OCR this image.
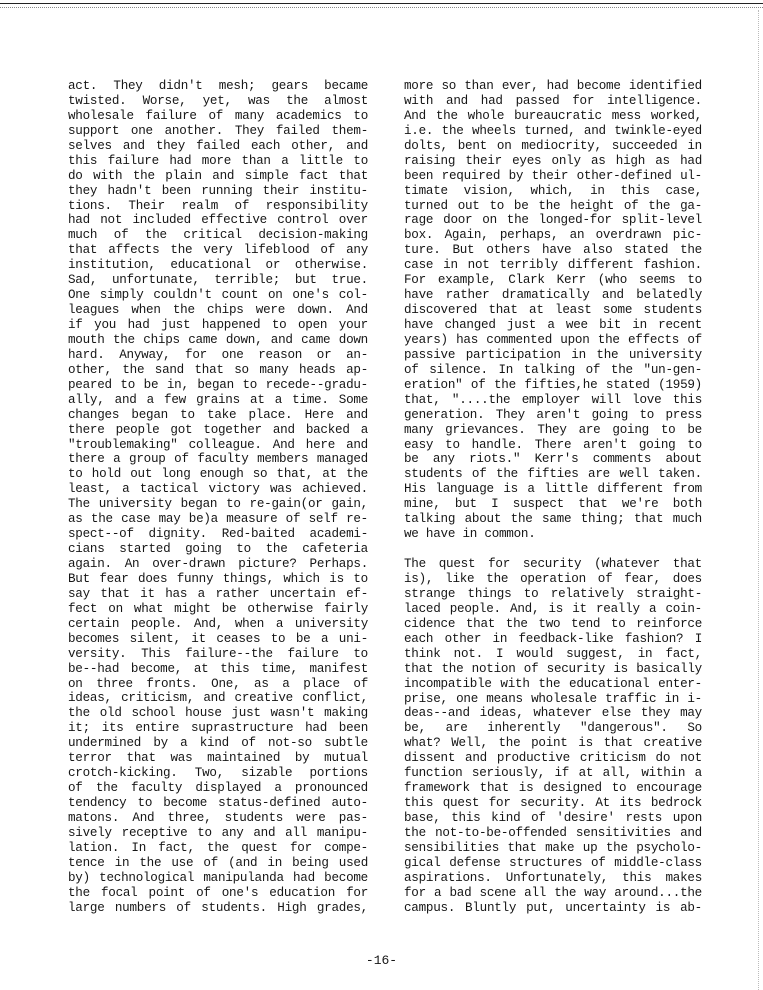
act. They didn't mesh; gears became
twisted. Worse, yet, was the almost
wholesale failure of many academics to
support one another. They failed them-
selves and they failed each other, and
this failure had more than a little to
do with the plain and simple fact that
they hadn't been running their institu-
tions. Their realm of responsibility
had not included effective control over
much of the critical decision-making
that affects the very lifeblood of any
institution, educational or otherwise.
Sad, unfortunate, terrible; but true.
One simply couldn't count on one's col-
leagues when the chips were down. And
if you had just happened to open your
mouth the chips came down, and came down
hard. Anyway, for one reason or an-
other, the sand that so many heads ap-
peared to be in, began to recede--gradu-
ally, and a few grains at a time. Some
changes began to take place. Here and
there people got together and backed a
"troublemaking" colleague. And here and
there a group of faculty members managed
to hold out long enough so that, at the
least, a tactical victory was achieved.
The university began to re-gain(or gain,
as the case may be)a measure of self re-
spect--of dignity. Red-baited academi-
cians started going to the cafeteria
again. An over-drawn picture? Perhaps.
But fear does funny things, which is to
say that it has a rather uncertain ef-
fect on what might be otherwise fairly
certain people. And, when a university
becomes silent, it ceases to be a uni-
versity. This failure--the failure to
be--had become, at this time, manifest
on three fronts. One, as a place of
ideas, criticism, and creative conflict,
the old school house just wasn't making
it; its entire suprastructure had been
undermined by a kind of not-so subtle
terror that was maintained by mutual
crotch-kicking. Two, sizable portions
of the faculty displayed a pronounced
tendency to become status-defined auto-
matons. And three, students were pas-
sively receptive to any and all manipu-
lation. In fact, the quest for compe-
tence in the use of (and in being used
by) technological manipulanda had become
the focal point of one's education for
large numbers of students. High grades,
more so than ever, had become identified
with and had passed for intelligence.
And the whole bureaucratic mess worked,
i.e. the wheels turned, and twinkle-eyed
dolts, bent on mediocrity, succeeded in
raising their eyes only as high as had
been required by their other-defined ul-
timate vision, which, in this case,
turned out to be the height of the ga-
rage door on the longed-for split-level
box. Again, perhaps, an overdrawn pic-
ture. But others have also stated the
case in not terribly different fashion.
For example, Clark Kerr (who seems to
have rather dramatically and belatedly
discovered that at least some students
have changed just a wee bit in recent
years) has commented upon the effects of
passive participation in the university
of silence. In talking of the "un-gen-
eration" of the fifties,he stated (1959)
that, "....the employer will love this
generation. They aren't going to press
many grievances. They are going to be
easy to handle. There aren't going to
be any riots." Kerr's comments about
students of the fifties are well taken.
His language is a little different from
mine, but I suspect that we're both
talking about the same thing; that much
we have in common.
The quest for security (whatever that
is), like the operation of fear, does
strange things to relatively straight-
laced people. And, is it really a coin-
cidence that the two tend to reinforce
each other in feedback-like fashion? I
think not. I would suggest, in fact,
that the notion of security is basically
incompatible with the educational enter-
prise, one means wholesale traffic in i-
deas--and ideas, whatever else they may
be, are inherently "dangerous". So
what? Well, the point is that creative
dissent and productive criticism do not
function seriously, if at all, within a
framework that is designed to encourage
this quest for security. At its bedrock
base, this kind of 'desire' rests upon
the not-to-be-offended sensitivities and
sensibilities that make up the psycholo-
gical defense structures of middle-class
aspirations. Unfortunately, this makes
for a bad scene all the way around...the
campus. Bluntly put, uncertainty is ab-
-16-
